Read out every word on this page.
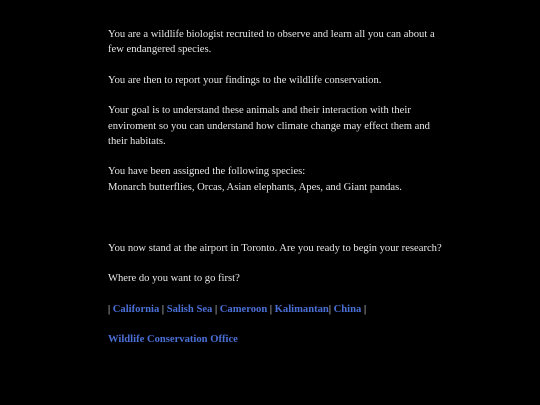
You are a wildlife biologist recruited to observe and learn all you can about a few endangered species.

You are then to report your findings to the wildlife conservation.

Your goal is to understand these animals and their interaction with their enviroment so you can understand how climate change may effect them and their habitats.

You have been assigned the following species:
Monarch butterflies, Orcas, Asian elephants, Apes, and Giant pandas.

You now stand at the airport in Toronto. Are you ready to begin your research?

Where do you want to go first?

| California | Salish Sea | Cameroon | Kalimantan| China |
Wildlife Conservation Office
